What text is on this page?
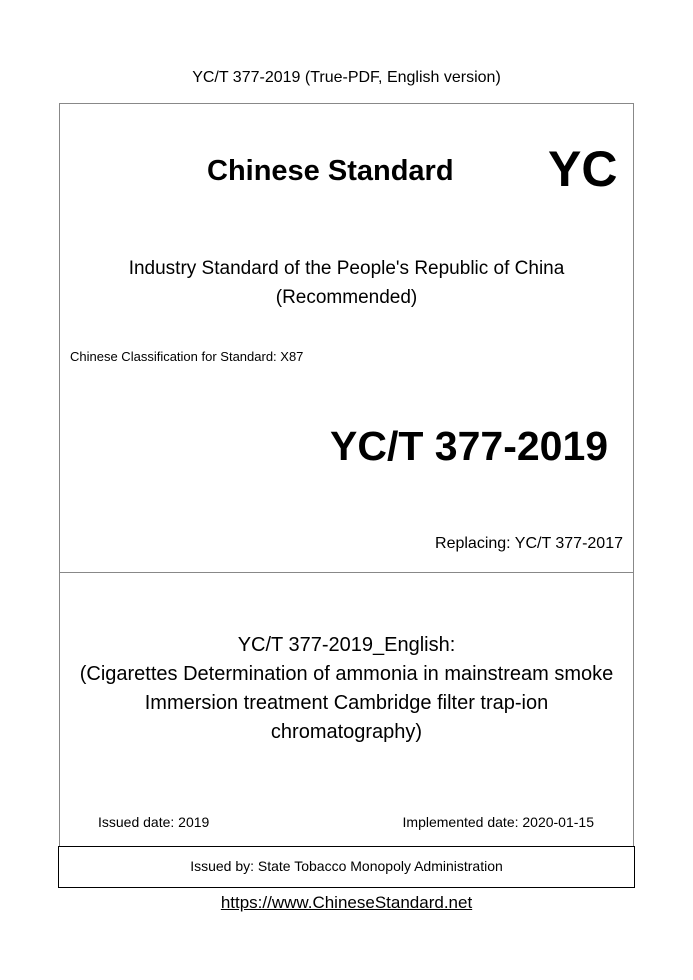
YC/T 377-2019 (True-PDF, English version)
Chinese Standard YC
Industry Standard of the People's Republic of China
(Recommended)
Chinese Classification for Standard: X87
YC/T 377-2019
Replacing: YC/T 377-2017
YC/T 377-2019_English:
(Cigarettes Determination of ammonia in mainstream smoke
Immersion treatment Cambridge filter trap-ion
chromatography)
Issued date: 2019	Implemented date: 2020-01-15
Issued by: State Tobacco Monopoly Administration
https://www.ChineseStandard.net
